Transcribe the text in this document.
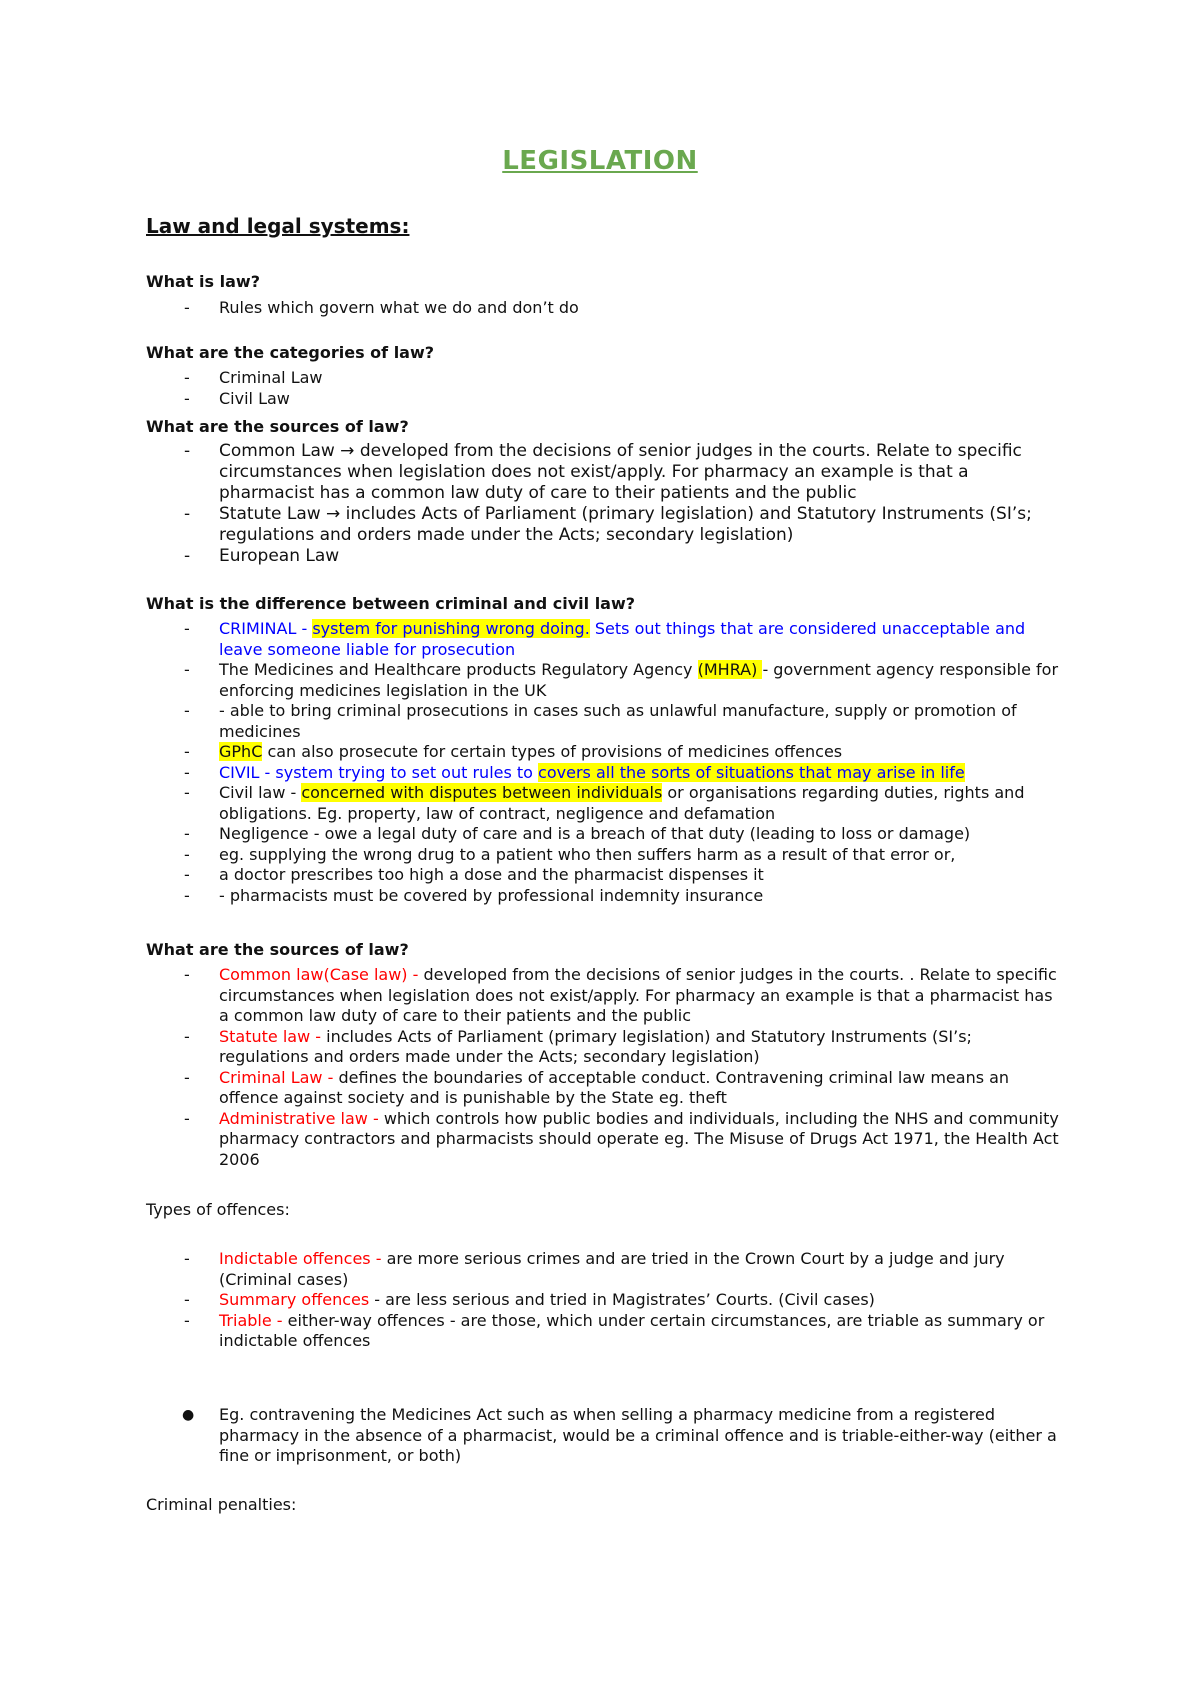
LEGISLATION
Law and legal systems:
What is law?
- Rules which govern what we do and don’t do
What are the categories of law?
- Criminal Law
- Civil Law
What are the sources of law?
- Common Law → developed from the decisions of senior judges in the courts. Relate to specific circumstances when legislation does not exist/apply. For pharmacy an example is that a pharmacist has a common law duty of care to their patients and the public
- Statute Law → includes Acts of Parliament (primary legislation) and Statutory Instruments (SI’s; regulations and orders made under the Acts; secondary legislation)
- European Law
What is the difference between criminal and civil law?
- CRIMINAL - system for punishing wrong doing. Sets out things that are considered unacceptable and leave someone liable for prosecution
- The Medicines and Healthcare products Regulatory Agency (MHRA) - government agency responsible for enforcing medicines legislation in the UK
- - able to bring criminal prosecutions in cases such as unlawful manufacture, supply or promotion of medicines
- GPhC can also prosecute for certain types of provisions of medicines offences
- CIVIL - system trying to set out rules to covers all the sorts of situations that may arise in life
- Civil law - concerned with disputes between individuals or organisations regarding duties, rights and obligations. Eg. property, law of contract, negligence and defamation
- Negligence - owe a legal duty of care and is a breach of that duty (leading to loss or damage)
- eg. supplying the wrong drug to a patient who then suffers harm as a result of that error or,
- a doctor prescribes too high a dose and the pharmacist dispenses it
- - pharmacists must be covered by professional indemnity insurance
What are the sources of law?
- Common law(Case law) - developed from the decisions of senior judges in the courts. . Relate to specific circumstances when legislation does not exist/apply. For pharmacy an example is that a pharmacist has a common law duty of care to their patients and the public
- Statute law - includes Acts of Parliament (primary legislation) and Statutory Instruments (SI’s; regulations and orders made under the Acts; secondary legislation)
- Criminal Law - defines the boundaries of acceptable conduct. Contravening criminal law means an offence against society and is punishable by the State eg. theft
- Administrative law - which controls how public bodies and individuals, including the NHS and community pharmacy contractors and pharmacists should operate eg. The Misuse of Drugs Act 1971, the Health Act 2006
Types of offences:
- Indictable offences - are more serious crimes and are tried in the Crown Court by a judge and jury (Criminal cases)
- Summary offences - are less serious and tried in Magistrates’ Courts. (Civil cases)
- Triable - either-way offences - are those, which under certain circumstances, are triable as summary or indictable offences
● Eg. contravening the Medicines Act such as when selling a pharmacy medicine from a registered pharmacy in the absence of a pharmacist, would be a criminal offence and is triable-either-way (either a fine or imprisonment, or both)
Criminal penalties:
